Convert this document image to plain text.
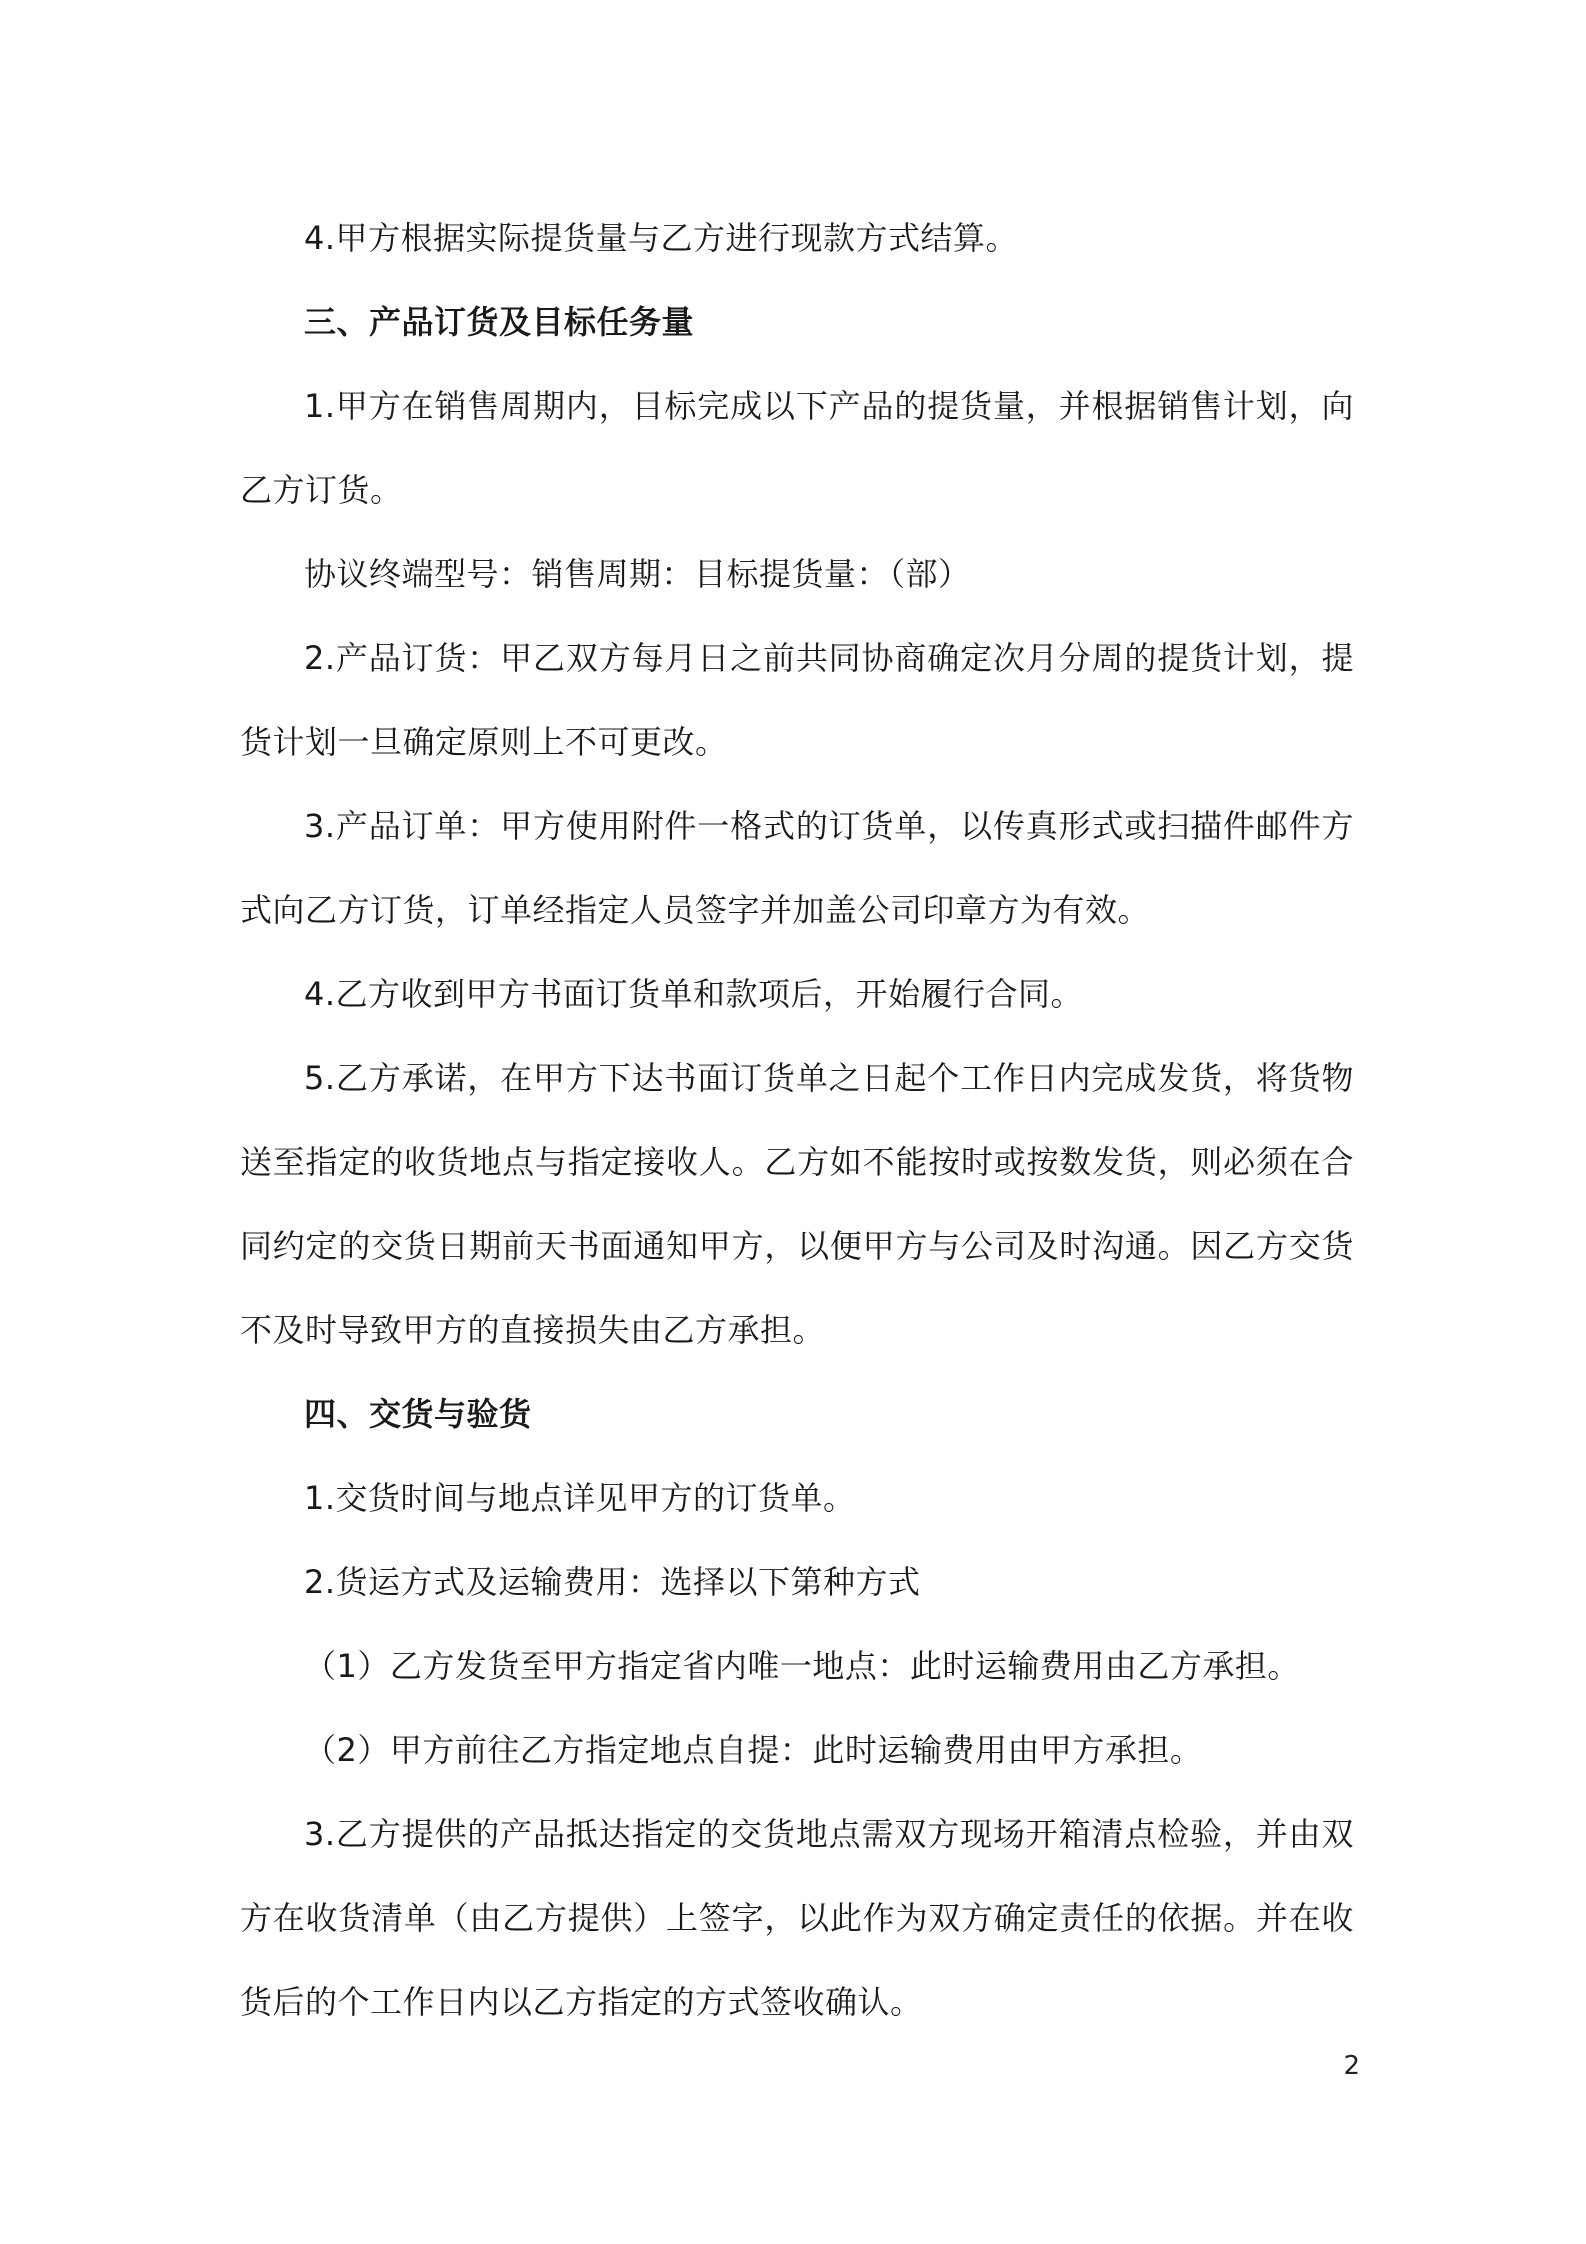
4.甲方根据实际提货量与乙方进行现款方式结算。

三、产品订货及目标任务量

1.甲方在销售周期内，目标完成以下产品的提货量，并根据销售计划，向乙方订货。

协议终端型号：销售周期：目标提货量：（部）

2.产品订货：甲乙双方每月日之前共同协商确定次月分周的提货计划，提货计划一旦确定原则上不可更改。

3.产品订单：甲方使用附件一格式的订货单，以传真形式或扫描件邮件方式向乙方订货，订单经指定人员签字并加盖公司印章方为有效。

4.乙方收到甲方书面订货单和款项后，开始履行合同。

5.乙方承诺，在甲方下达书面订货单之日起个工作日内完成发货，将货物送至指定的收货地点与指定接收人。乙方如不能按时或按数发货，则必须在合同约定的交货日期前天书面通知甲方，以便甲方与公司及时沟通。因乙方交货不及时导致甲方的直接损失由乙方承担。

四、交货与验货

1.交货时间与地点详见甲方的订货单。

2.货运方式及运输费用：选择以下第种方式

（1）乙方发货至甲方指定省内唯一地点：此时运输费用由乙方承担。

（2）甲方前往乙方指定地点自提：此时运输费用由甲方承担。

3.乙方提供的产品抵达指定的交货地点需双方现场开箱清点检验，并由双方在收货清单（由乙方提供）上签字，以此作为双方确定责任的依据。并在收货后的个工作日内以乙方指定的方式签收确认。

2
